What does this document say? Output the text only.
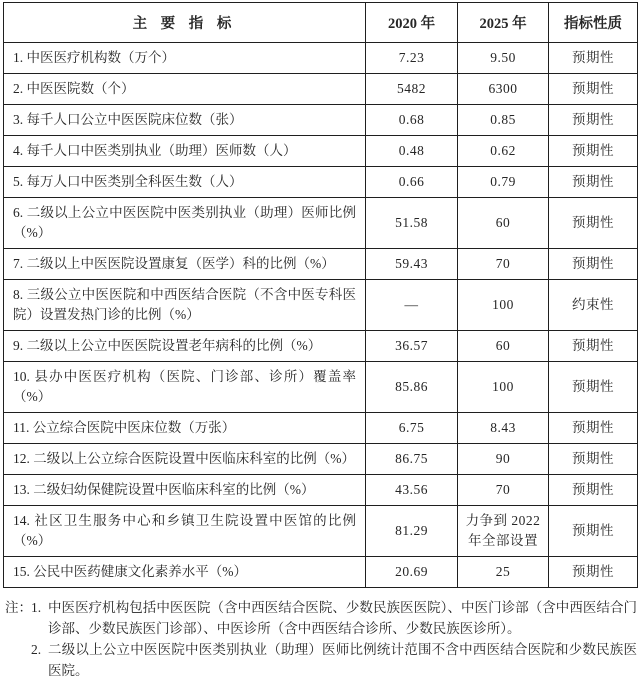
主 要 指 标	2020 年	2025 年	指标性质
1. 中医医疗机构数（万个）	7.23	9.50	预期性
2. 中医医院数（个）	5482	6300	预期性
3. 每千人口公立中医医院床位数（张）	0.68	0.85	预期性
4. 每千人口中医类别执业（助理）医师数（人）	0.48	0.62	预期性
5. 每万人口中医类别全科医生数（人）	0.66	0.79	预期性
6. 二级以上公立中医医院中医类别执业（助理）医师比例（%）	51.58	60	预期性
7. 二级以上中医医院设置康复（医学）科的比例（%）	59.43	70	预期性
8. 三级公立中医医院和中西医结合医院（不含中医专科医院）设置发热门诊的比例（%）	—	100	约束性
9. 二级以上公立中医医院设置老年病科的比例（%）	36.57	60	预期性
10. 县办中医医疗机构（医院、门诊部、诊所）覆盖率（%）	85.86	100	预期性
11. 公立综合医院中医床位数（万张）	6.75	8.43	预期性
12. 二级以上公立综合医院设置中医临床科室的比例（%）	86.75	90	预期性
13. 二级妇幼保健院设置中医临床科室的比例（%）	43.56	70	预期性
14. 社区卫生服务中心和乡镇卫生院设置中医馆的比例（%）	81.29	力争到 2022 年全部设置	预期性
15. 公民中医药健康文化素养水平（%）	20.69	25	预期性
注： 1. 中医医疗机构包括中医医院（含中西医结合医院、少数民族医医院）、中医门诊部（含中西医结合门诊部、少数民族医门诊部）、中医诊所（含中西医结合诊所、少数民族医诊所）。
2. 二级以上公立中医医院中医类别执业（助理）医师比例统计范围不含中西医结合医院和少数民族医医院。
